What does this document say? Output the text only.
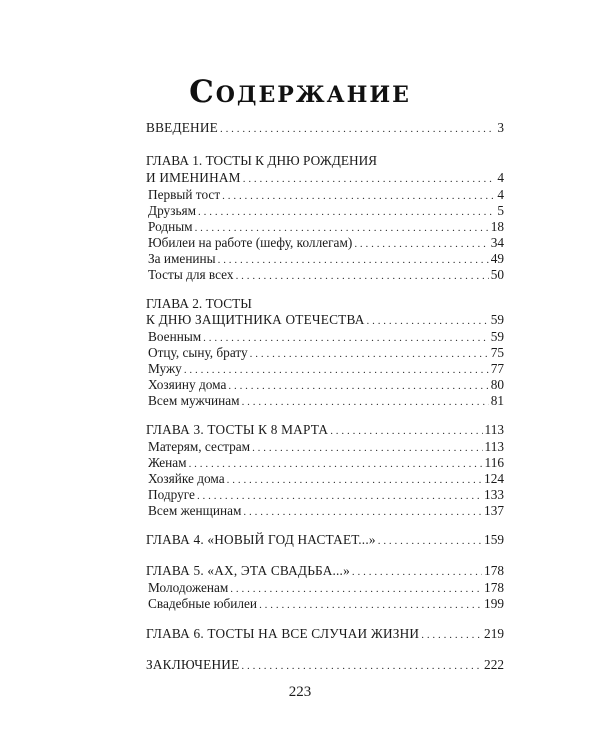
Содержание
ВВЕДЕНИЕ . . .	3
ГЛАВА 1. ТОСТЫ К ДНЮ РОЖДЕНИЯ
И ИМЕНИНАМ . . .	4
Первый тост . . .	4
Друзьям . . .	5
Родным . . .	18
Юбилеи на работе (шефу, коллегам) . . .	34
За именины . . .	49
Тосты для всех . . .	50
ГЛАВА 2. ТОСТЫ
К ДНЮ ЗАЩИТНИКА ОТЕЧЕСТВА . . .	59
Военным . . .	59
Отцу, сыну, брату . . .	75
Мужу . . .	77
Хозяину дома . . .	80
Всем мужчинам . . .	81
ГЛАВА 3. ТОСТЫ К 8 МАРТА . . .	113
Матерям, сестрам . . .	113
Женам . . .	116
Хозяйке дома . . .	124
Подруге . . .	133
Всем женщинам . . .	137
ГЛАВА 4. «НОВЫЙ ГОД НАСТАЕТ...» . . .	159
ГЛАВА 5. «АХ, ЭТА СВАДЬБА...» . . .	178
Молодоженам . . .	178
Свадебные юбилеи . . .	199
ГЛАВА 6. ТОСТЫ НА ВСЕ СЛУЧАИ ЖИЗНИ . . .	219
ЗАКЛЮЧЕНИЕ . . .	222
223
